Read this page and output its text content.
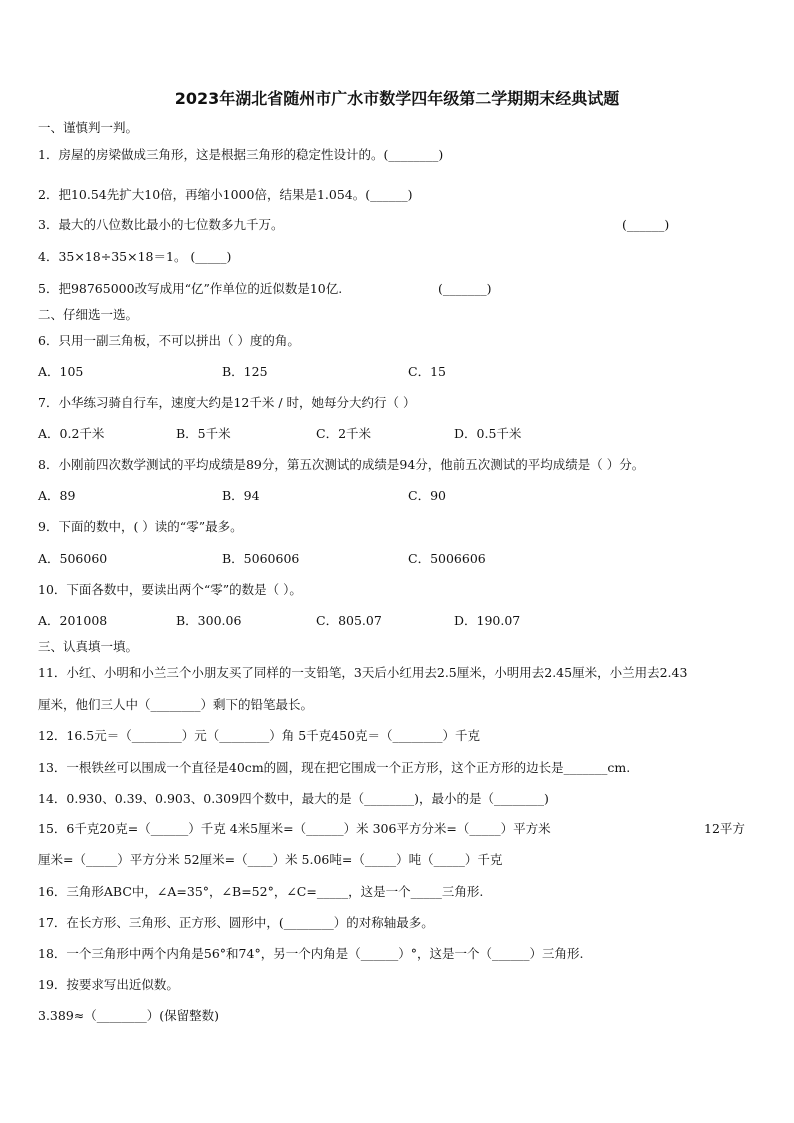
2023年湖北省随州市广水市数学四年级第二学期期末经典试题
一、谨慎判一判。
1．房屋的房梁做成三角形，这是根据三角形的稳定性设计的。(________)
2．把10.54先扩大10倍，再缩小1000倍，结果是1.054。(______)
3．最大的八位数比最小的七位数多九千万。	(______)
4．35×18÷35×18＝1。 (_____)
5．把98765000改写成用“亿”作单位的近似数是10亿.	(_______)
二、仔细选一选。
6．只用一副三角板，不可以拼出（ ）度的角。
A．105	B．125	C．15
7．小华练习骑自行车，速度大约是12千米 / 时，她每分大约行（ ）
A．0.2千米	B．5千米	C．2千米	D．0.5千米
8．小刚前四次数学测试的平均成绩是89分，第五次测试的成绩是94分，他前五次测试的平均成绩是（ ）分。
A．89	B．94	C．90
9．下面的数中，( ）读的“零”最多。
A．506060	B．5060606	C．5006606
10．下面各数中，要读出两个“零”的数是（ ）。
A．201008	B．300.06	C．805.07	D．190.07
三、认真填一填。
11．小红、小明和小兰三个小朋友买了同样的一支铅笔，3天后小红用去2.5厘米，小明用去2.45厘米，小兰用去2.43
厘米，他们三人中（________）剩下的铅笔最长。
12．16.5元＝（________）元（________）角 5千克450克＝（________）千克
13．一根铁丝可以围成一个直径是40cm的圆，现在把它围成一个正方形，这个正方形的边长是_______cm.
14．0.930、0.39、0.903、0.309四个数中，最大的是（________)，最小的是（________)
15．6千克20克=（______）千克 4米5厘米=（______）米 306平方分米=（_____）平方米	12平方
厘米=（_____）平方分米 52厘米=（____）米 5.06吨=（_____）吨（_____）千克
16．三角形ABC中，∠A=35°，∠B=52°，∠C=_____，这是一个_____三角形.
17．在长方形、三角形、正方形、圆形中，(________）的对称轴最多。
18．一个三角形中两个内角是56°和74°，另一个内角是（______）°，这是一个（______）三角形.
19．按要求写出近似数。
3.389≈（________）(保留整数)
